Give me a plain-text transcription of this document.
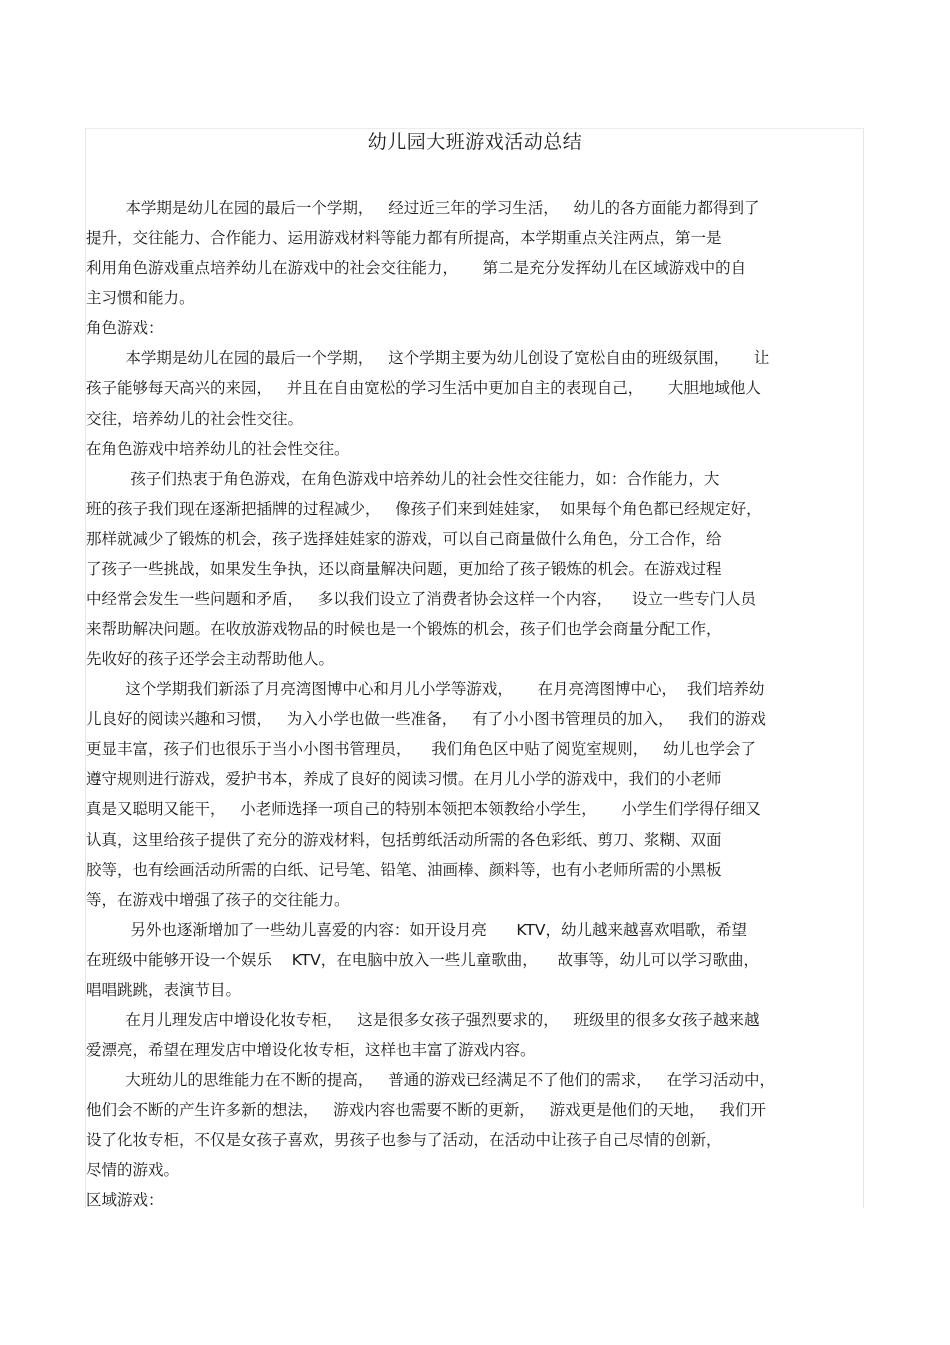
幼儿园大班游戏活动总结
本学期是幼儿在园的最后一个学期，   经过近三年的学习生活，   幼儿的各方面能力都得到了
提升，交往能力、合作能力、运用游戏材料等能力都有所提高，本学期重点关注两点，第一是
利用角色游戏重点培养幼儿在游戏中的社会交往能力，     第二是充分发挥幼儿在区域游戏中的自
主习惯和能力。
角色游戏：
本学期是幼儿在园的最后一个学期，   这个学期主要为幼儿创设了宽松自由的班级氛围，     让
孩子能够每天高兴的来园，   并且在自由宽松的学习生活中更加自主的表现自己，     大胆地域他人
交往，培养幼儿的社会性交往。
在角色游戏中培养幼儿的社会性交往。
孩子们热衷于角色游戏，在角色游戏中培养幼儿的社会性交往能力，如：合作能力，大
班的孩子我们现在逐渐把插牌的过程减少，   像孩子们来到娃娃家，  如果每个角色都已经规定好，
那样就减少了锻炼的机会，孩子选择娃娃家的游戏，可以自己商量做什么角色，分工合作，给
了孩子一些挑战，如果发生争执，还以商量解决问题，更加给了孩子锻炼的机会。在游戏过程
中经常会发生一些问题和矛盾，   多以我们设立了消费者协会这样一个内容，    设立一些专门人员
来帮助解决问题。在收放游戏物品的时候也是一个锻炼的机会，孩子们也学会商量分配工作，
先收好的孩子还学会主动帮助他人。
这个学期我们新添了月亮湾图博中心和月儿小学等游戏，     在月亮湾图博中心，  我们培养幼
儿良好的阅读兴趣和习惯，   为入小学也做一些准备，   有了小小图书管理员的加入，   我们的游戏
更显丰富，孩子们也很乐于当小小图书管理员，    我们角色区中贴了阅览室规则，   幼儿也学会了
遵守规则进行游戏，爱护书本，养成了良好的阅读习惯。在月儿小学的游戏中，我们的小老师
真是又聪明又能干，   小老师选择一项自己的特别本领把本领教给小学生，     小学生们学得仔细又
认真，这里给孩子提供了充分的游戏材料，包括剪纸活动所需的各色彩纸、剪刀、浆糊、双面
胶等，也有绘画活动所需的白纸、记号笔、铅笔、油画棒、颜料等，也有小老师所需的小黑板
等，在游戏中增强了孩子的交往能力。
另外也逐渐增加了一些幼儿喜爱的内容：如开设月亮      KTV，幼儿越来越喜欢唱歌，希望
在班级中能够开设一个娱乐    KTV，在电脑中放入一些儿童歌曲，    故事等，幼儿可以学习歌曲，
唱唱跳跳，表演节目。
在月儿理发店中增设化妆专柜，   这是很多女孩子强烈要求的，   班级里的很多女孩子越来越
爱漂亮，希望在理发店中增设化妆专柜，这样也丰富了游戏内容。
大班幼儿的思维能力在不断的提高，   普通的游戏已经满足不了他们的需求，   在学习活动中，
他们会不断的产生许多新的想法，   游戏内容也需要不断的更新，   游戏更是他们的天地，   我们开
设了化妆专柜，不仅是女孩子喜欢，男孩子也参与了活动，在活动中让孩子自己尽情的创新，
尽情的游戏。
区域游戏：
